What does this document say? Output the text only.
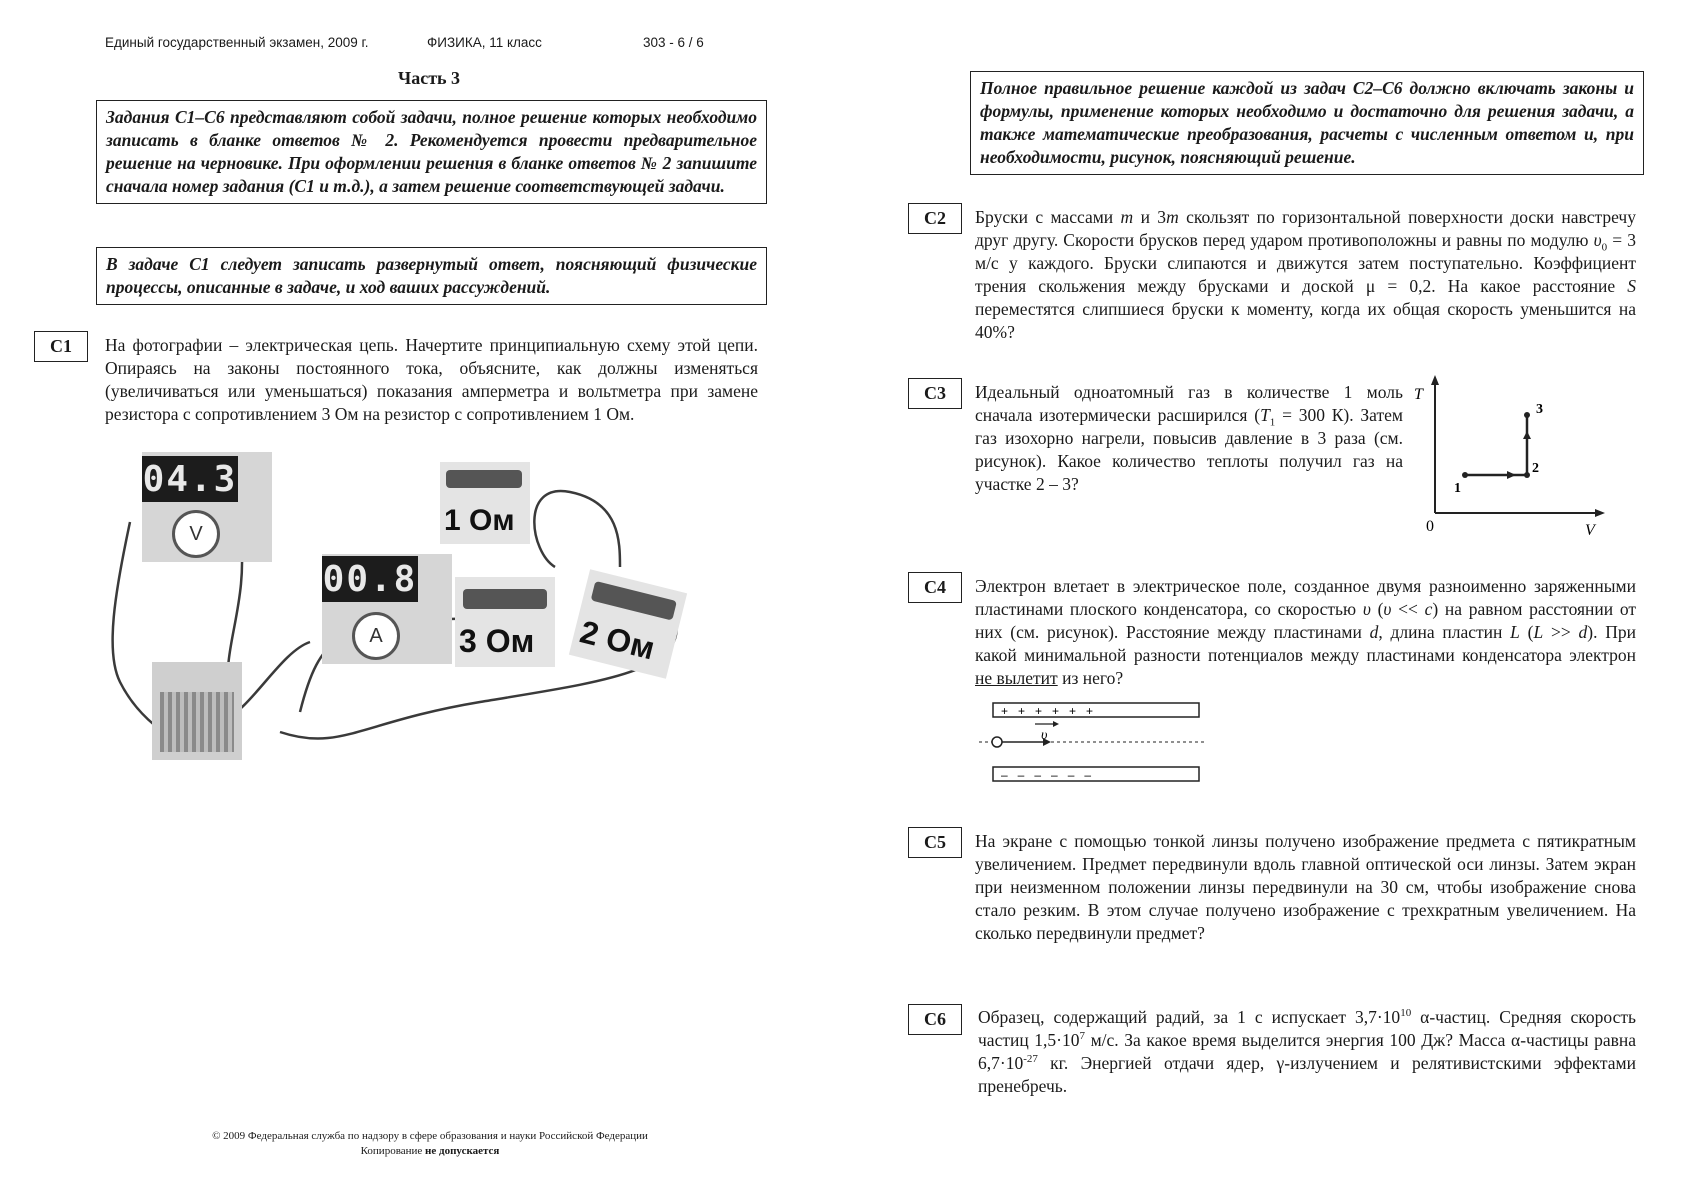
Единый государственный экзамен, 2009 г.	ФИЗИКА, 11 класс	303 - 6 / 6
Часть 3
Задания С1–С6 представляют собой задачи, полное решение которых необходимо записать в бланке ответов № 2. Рекомендуется провести предварительное решение на черновике. При оформлении решения в бланке ответов № 2 запишите сначала номер задания (С1 и т.д.), а затем решение соответствующей задачи.
В задаче С1 следует записать развернутый ответ, поясняющий физические процессы, описанные в задаче, и ход ваших рассуждений.
С1	На фотографии – электрическая цепь. Начертите принципиальную схему этой цепи. Опираясь на законы постоянного тока, объясните, как должны изменяться (увеличиваться или уменьшаться) показания амперметра и вольтметра при замене резистора с сопротивлением 3 Ом на резистор с сопротивлением 1 Ом.
04.3
V
00.8
A
1 Ом
3 Ом 2 Ом
Полное правильное решение каждой из задач С2–С6 должно включать законы и формулы, применение которых необходимо и достаточно для решения задачи, а также математические преобразования, расчеты с численным ответом и, при необходимости, рисунок, поясняющий решение.
С2	Бруски с массами m и 3m скользят по горизонтальной поверхности доски навстречу друг другу. Скорости брусков перед ударом противоположны и равны по модулю $\upsilon_0 = 3$ м/с у каждого. Бруски слипаются и движутся затем поступательно. Коэффициент трения скольжения между брусками и доской μ = 0,2. На какое расстояние S переместятся слипшиеся бруски к моменту, когда их общая скорость уменьшится на 40%?
С3	Идеальный одноатомный газ в количестве 1 моль сначала изотермически расширился ($T_1 = 300$ К). Затем газ изохорно нагрели, повысив давление в 3 раза (см. рисунок). Какое количество теплоты получил газ на участке 2 – 3?
T
V
0
1
2
3
С4	Электрон влетает в электрическое поле, созданное двумя разноименно заряженными пластинами плоского конденсатора, со скоростью υ (υ << c) на равном расстоянии от них (см. рисунок). Расстояние между пластинами d, длина пластин L (L >> d). При какой минимальной разности потенциалов между пластинами конденсатора электрон не вылетит из него?
+   +   +   +   +   +
–   –   –   –   –   –
υ
С5	На экране с помощью тонкой линзы получено изображение предмета с пятикратным увеличением. Предмет передвинули вдоль главной оптической оси линзы. Затем экран при неизменном положении линзы передвинули на 30 см, чтобы изображение снова стало резким. В этом случае получено изображение с трехкратным увеличением. На сколько передвинули предмет?
С6	Образец, содержащий радий, за 1 с испускает $3,7\cdot 10^{10}$ α-частиц. Средняя скорость частиц $1,5\cdot 10^7$ м/с. За какое время выделится энергия 100 Дж? Масса α-частицы равна $6,7\cdot 10^{-27}$ кг. Энергией отдачи ядер, γ-излучением и релятивистскими эффектами пренебречь.
© 2009 Федеральная служба по надзору в сфере образования и науки Российской Федерации
Копирование не допускается
